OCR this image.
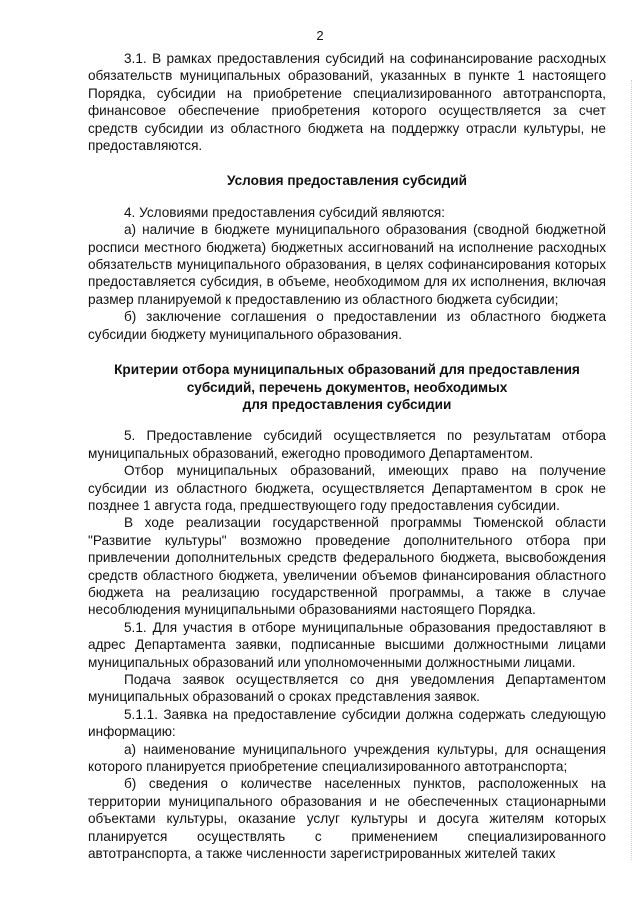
2

3.1. В рамках предоставления субсидий на софинансирование расходных обязательств муниципальных образований, указанных в пункте 1 настоящего Порядка, субсидии на приобретение специализированного автотранспорта, финансовое обеспечение приобретения которого осуществляется за счет средств субсидии из областного бюджета на поддержку отрасли культуры, не предоставляются.

Условия предоставления субсидий

4. Условиями предоставления субсидий являются:

а) наличие в бюджете муниципального образования (сводной бюджетной росписи местного бюджета) бюджетных ассигнований на исполнение расходных обязательств муниципального образования, в целях софинансирования которых предоставляется субсидия, в объеме, необходимом для их исполнения, включая размер планируемой к предоставлению из областного бюджета субсидии;

б) заключение соглашения о предоставлении из областного бюджета субсидии бюджету муниципального образования.

Критерии отбора муниципальных образований для предоставления

субсидий, перечень документов, необходимых

для предоставления субсидии

5. Предоставление субсидий осуществляется по результатам отбора муниципальных образований, ежегодно проводимого Департаментом.

Отбор муниципальных образований, имеющих право на получение субсидии из областного бюджета, осуществляется Департаментом в срок не позднее 1 августа года, предшествующего году предоставления субсидии.

В ходе реализации государственной программы Тюменской области "Развитие культуры" возможно проведение дополнительного отбора при привлечении дополнительных средств федерального бюджета, высвобождения средств областного бюджета, увеличении объемов финансирования областного бюджета на реализацию государственной программы, а также в случае несоблюдения муниципальными образованиями настоящего Порядка.

5.1. Для участия в отборе муниципальные образования предоставляют в адрес Департамента заявки, подписанные высшими должностными лицами муниципальных образований или уполномоченными должностными лицами.

Подача заявок осуществляется со дня уведомления Департаментом муниципальных образований о сроках представления заявок.

5.1.1. Заявка на предоставление субсидии должна содержать следующую информацию:

а) наименование муниципального учреждения культуры, для оснащения которого планируется приобретение специализированного автотранспорта;

б) сведения о количестве населенных пунктов, расположенных на территории муниципального образования и не обеспеченных стационарными объектами культуры, оказание услуг культуры и досуга жителям которых планируется осуществлять с применением специализированного автотранспорта, а также численности зарегистрированных жителей таких
